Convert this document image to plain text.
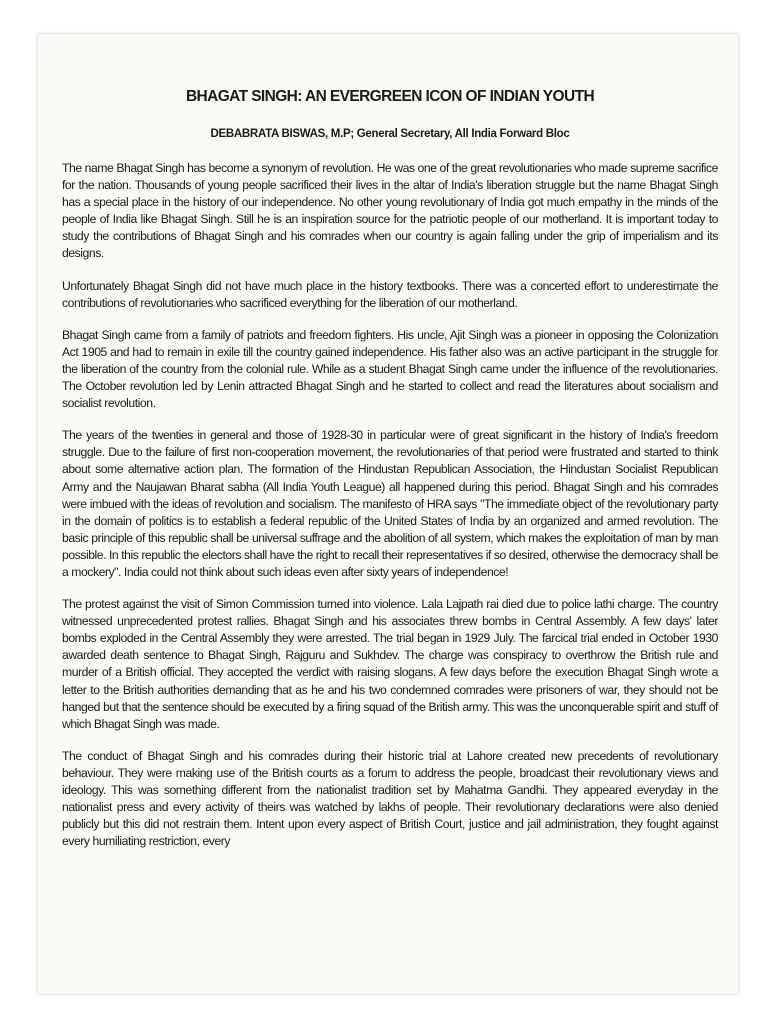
BHAGAT SINGH: AN EVERGREEN ICON OF INDIAN YOUTH
DEBABRATA BISWAS, M.P; General Secretary, All India Forward Bloc

The name Bhagat Singh has become a synonym of revolution. He was one of the great revolutionaries who made supreme sacrifice for the nation. Thousands of young people sacrificed their lives in the altar of India's liberation struggle but the name Bhagat Singh has a special place in the history of our independence. No other young revolutionary of India got much empathy in the minds of the people of India like Bhagat Singh. Still he is an inspiration source for the patriotic people of our motherland. It is important today to study the contributions of Bhagat Singh and his comrades when our country is again falling under the grip of imperialism and its designs.

Unfortunately Bhagat Singh did not have much place in the history textbooks. There was a concerted effort to underestimate the contributions of revolutionaries who sacrificed everything for the liberation of our motherland.

Bhagat Singh came from a family of patriots and freedom fighters. His uncle, Ajit Singh was a pioneer in opposing the Colonization Act 1905 and had to remain in exile till the country gained independence. His father also was an active participant in the struggle for the liberation of the country from the colonial rule. While as a student Bhagat Singh came under the influence of the revolutionaries. The October revolution led by Lenin attracted Bhagat Singh and he started to collect and read the literatures about socialism and socialist revolution.

The years of the twenties in general and those of 1928-30 in particular were of great significant in the history of India's freedom struggle. Due to the failure of first non-cooperation movement, the revolutionaries of that period were frustrated and started to think about some alternative action plan. The formation of the Hindustan Republican Association, the Hindustan Socialist Republican Army and the Naujawan Bharat sabha (All India Youth League) all happened during this period. Bhagat Singh and his comrades were imbued with the ideas of revolution and socialism. The manifesto of HRA says "The immediate object of the revolutionary party in the domain of politics is to establish a federal republic of the United States of India by an organized and armed revolution. The basic principle of this republic shall be universal suffrage and the abolition of all system, which makes the exploitation of man by man possible. In this republic the electors shall have the right to recall their representatives if so desired, otherwise the democracy shall be a mockery". India could not think about such ideas even after sixty years of independence!

The protest against the visit of Simon Commission turned into violence. Lala Lajpath rai died due to police lathi charge. The country witnessed unprecedented protest rallies. Bhagat Singh and his associates threw bombs in Central Assembly. A few days' later bombs exploded in the Central Assembly they were arrested. The trial began in 1929 July. The farcical trial ended in October 1930 awarded death sentence to Bhagat Singh, Rajguru and Sukhdev. The charge was conspiracy to overthrow the British rule and murder of a British official. They accepted the verdict with raising slogans. A few days before the execution Bhagat Singh wrote a letter to the British authorities demanding that as he and his two condemned comrades were prisoners of war, they should not be hanged but that the sentence should be executed by a firing squad of the British army. This was the unconquerable spirit and stuff of which Bhagat Singh was made.

The conduct of Bhagat Singh and his comrades during their historic trial at Lahore created new precedents of revolutionary behaviour. They were making use of the British courts as a forum to address the people, broadcast their revolutionary views and ideology. This was something different from the nationalist tradition set by Mahatma Gandhi. They appeared everyday in the nationalist press and every activity of theirs was watched by lakhs of people. Their revolutionary declarations were also denied publicly but this did not restrain them. Intent upon every aspect of British Court, justice and jail administration, they fought against every humiliating restriction, every
